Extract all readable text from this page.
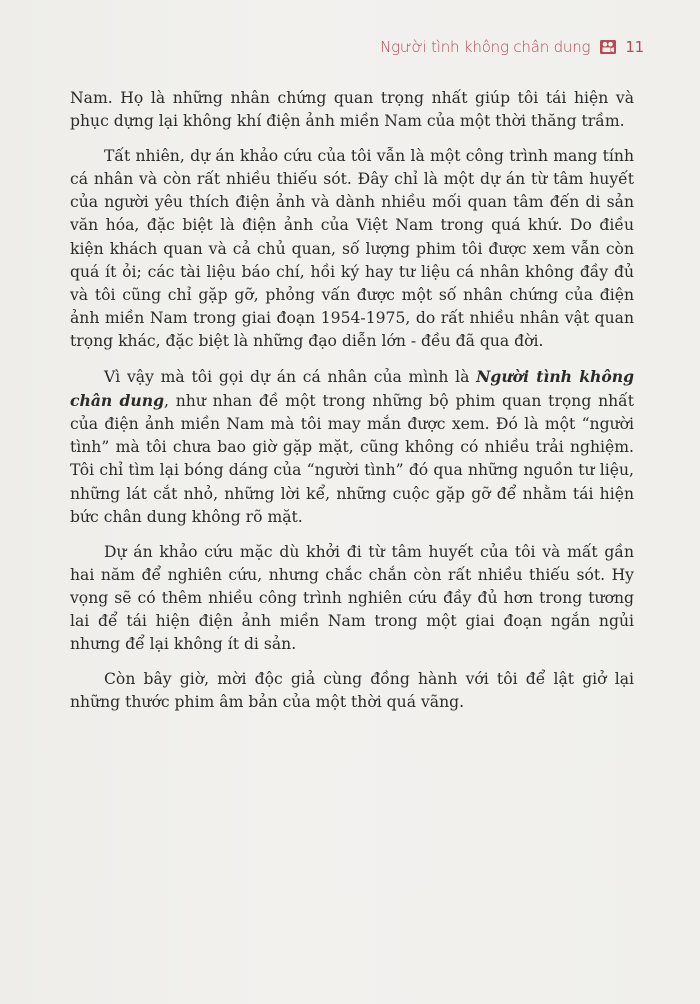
Người tình không chân dung 11

Nam. Họ là những nhân chứng quan trọng nhất giúp tôi tái hiện và phục dựng lại không khí điện ảnh miền Nam của một thời thăng trầm.

Tất nhiên, dự án khảo cứu của tôi vẫn là một công trình mang tính cá nhân và còn rất nhiều thiếu sót. Đây chỉ là một dự án từ tâm huyết của người yêu thích điện ảnh và dành nhiều mối quan tâm đến di sản văn hóa, đặc biệt là điện ảnh của Việt Nam trong quá khứ. Do điều kiện khách quan và cả chủ quan, số lượng phim tôi được xem vẫn còn quá ít ỏi; các tài liệu báo chí, hồi ký hay tư liệu cá nhân không đầy đủ và tôi cũng chỉ gặp gỡ, phỏng vấn được một số nhân chứng của điện ảnh miền Nam trong giai đoạn 1954-1975, do rất nhiều nhân vật quan trọng khác, đặc biệt là những đạo diễn lớn - đều đã qua đời.

Vì vậy mà tôi gọi dự án cá nhân của mình là Người tình không chân dung, như nhan đề một trong những bộ phim quan trọng nhất của điện ảnh miền Nam mà tôi may mắn được xem. Đó là một “người tình” mà tôi chưa bao giờ gặp mặt, cũng không có nhiều trải nghiệm. Tôi chỉ tìm lại bóng dáng của “người tình” đó qua những nguồn tư liệu, những lát cắt nhỏ, những lời kể, những cuộc gặp gỡ để nhằm tái hiện bức chân dung không rõ mặt.

Dự án khảo cứu mặc dù khởi đi từ tâm huyết của tôi và mất gần hai năm để nghiên cứu, nhưng chắc chắn còn rất nhiều thiếu sót. Hy vọng sẽ có thêm nhiều công trình nghiên cứu đầy đủ hơn trong tương lai để tái hiện điện ảnh miền Nam trong một giai đoạn ngắn ngủi nhưng để lại không ít di sản.

Còn bây giờ, mời độc giả cùng đồng hành với tôi để lật giở lại những thước phim âm bản của một thời quá vãng.
